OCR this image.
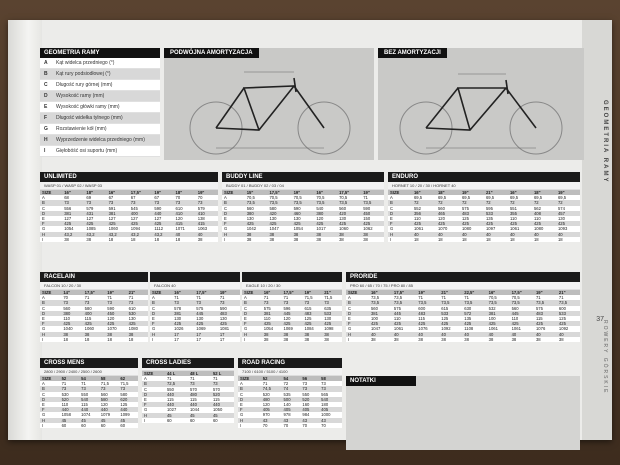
GEOMETRIA RAMY
ROWERY GÓRSKIE
37
GEOMETRIA RAMY
A	Kąt widelca przedniego (°)
B	Kąt rury podsiodłowej (°)
C	Długość rury górnej (mm)
D	Wysokość ramy (mm)
E	Wysokość główki ramy (mm)
F	Długość widełka tylnego (mm)
G	Rozstawienie kół (mm)
H	Wyprzedzenie widelca przedniego (mm)
I	Gięłobóść osi suportu (mm)
PODWÓJNA AMORTYZACJA	BEZ AMORTYZACJI
UNLIMITED
WASP 01 / WASP 02 / WASP 03
SIZE	16"	18"	16"	17,5"	19"	18"	19"
A	68	69	67	67	67	70	70
B	73	73	73	73	73	73	73
C	556	579	591	545	590	610	579
D	381	431	381	400	440	410	410
E	127	127	127	127	127	120	138
F	425	425	425	425	425	415	415
G	1054	1085	1060	1094	1112	1071	1063
H	43,2	43,2	43,2	43,2	43,2	40	40
I	38	38	18	18	18	18	38
BUDDY LINE
BUDDY 01 / BUDDY 02 / 03 / 04
SIZE	15"	17,5"	19"	16"	17,5"	19"
A	70,5	70,5	70,5	70,5	70,5	71
B	73,5	73,5	73,5	73,5	73,5	73,5
C	560	580	590	540	560	590
D	380	420	460	380	420	450
E	130	130	130	120	130	150
F	425	425	425	425	425	425
G	1042	1047	1054	1017	1060	1062
H	38	38	38	38	38	38
I	38	38	38	38	38	38
ENDURO
HORNET 10 / 20 / 30 / HORNET 40
SIZE	16"	18"	19"	21"	16"	18"	19"
A	69,5	69,5	69,5	69,5	69,5	69,5	69,5
B	72	72	72	72	72	72	72
C	552	560	575	595	551	562	574
D	356	465	483	533	355	408	457
E	110	120	125	135	110	110	130
F	425	425	425	425	425	425	425
G	1061	1070	1080	1097	1061	1080	1093
H	40	40	40	40	40	40	40
I	18	18	18	18	18	18	18
RACELAIN
FALCON 10 / 20 / 30
SIZE	14"	17,5"	19"	21"
A	70	71	71	71
B	73	73	73	73
C	560	580	590	610
D	380	400	450	530
E	110	115	120	130
F	425	425	425	425
G	1040	1060	1070	1080
H	38	38	38	38
I	18	18	18	18
FALCON 40
SIZE	16"	17,5"	19"
A	71	71	71
B	73	73	73
C	578	575	590
D	381	445	483
E	130	130	130
F	425	425	425
G	1026	1069	1081
H	17	17	17
I	17	17	17
EAGLE 10 / 20 / 30
SIZE	16"	17,5"	19"	21"
A	71	71	71,5	71,5
B	73	73	73	73
C	575	596	615	635
D	381	445	483	533
E	110	120	125	130
F	425	425	425	425
G	1054	1069	1084	1098
H	38	38	38	38
I	38	38	38	38
PRORIDE
PRO 60 / 65 / 70 / 75 / PRO 80 / 85
SIZE	16"	17,5"	19"	21"	22,5"	16"	17,5"	19"	21"
A	73,5	73,5	71	71	71	70,5	70,5	71	71
B	73,5	73,5	73,5	73,5	73,5	73,5	73,5	73,5	73,5
C	560	575	600	615	630	532	560	575	600
D	381	445	483	533	572	381	445	483	533
E	100	110	115	125	135	100	110	115	125
F	425	425	425	425	425	425	425	425	425
G	1047	1061	1076	1092	1108	1061	1061	1076	1092
H	40	40	40	40	40	40	40	40	40
I	38	38	38	38	38	38	38	38	38
CROSS MENS
2800 / 2900 / 2400 / 2500 / 2600
SIZE	52	54	58	62
A	71	71	71,5	71,5
B	73	73	73	73
C	530	550	560	580
D	520	540	580	620
E	110	115	120	125
F	440	440	440	440
G	1058	1074	1079	1099
H	45	45	45	45
I	60	60	60	60
CROSS LADIES
SIZE	44 L	48 L	52 L
A	71	71	71
B	72,5	73	73
C	550	570	570
D	440	480	520
E	115	115	115
F	440	440	440
G	1027	1044	1050
H	45	45	45
I	60	60	60
ROAD RACING
7100 / 6100 / 5100 / 4100
SIZE	52	54	56	58
A	71	72	73	73
B	74,5	74	73	73
C	520	535	550	565
D	480	500	520	540
E	120	140	160	180
F	405	405	405	405
G	970	978	984	1000
H	43	43	43	43
I	70	70	70	70
NOTATKI
